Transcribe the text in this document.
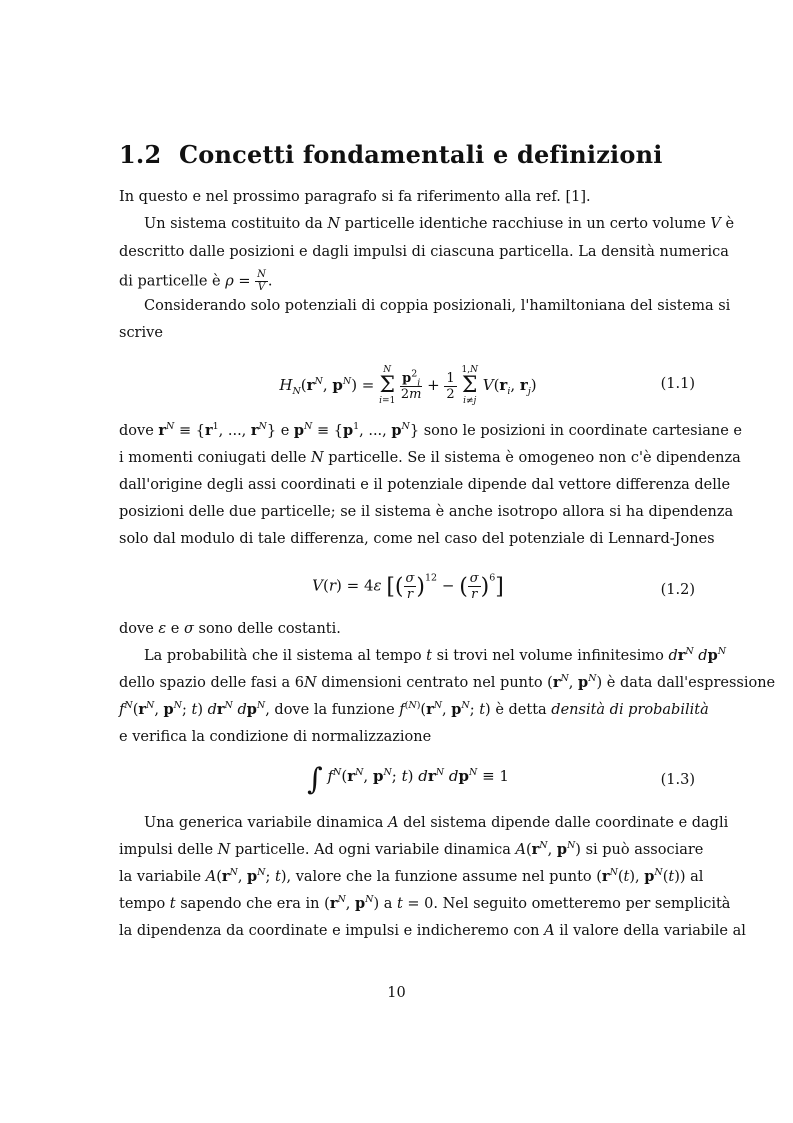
1.2 Concetti fondamentali e definizioni
In questo e nel prossimo paragrafo si fa riferimento alla ref. [1].
Un sistema costituito da N particelle identiche racchiuse in un certo volume V è
descritto dalle posizioni e dagli impulsi di ciascuna particella. La densità numerica
di particelle è $\rho = \frac{N}{V}$ .
Considerando solo potenziali di coppia posizionali, l'hamiltoniana del sistema si
scrive
$H_N(r^N$, $p^N$) =
N
Σ
i=1

$\frac{p^2_i}{2m} + \frac{1}{2}$

1,N
Σ
i≠j
$V(r_i$, $r_j$)	(1.1)
dove $r^N \equiv \{r^1$, ..., $r^N$} e $p^N \equiv \{p^1$, ..., $p^N$} sono le posizioni in coordinate cartesiane e
i momenti coniugati delle N particelle. Se il sistema è omogeneo non c'è dipendenza
dall'origine degli assi coordinati e il potenziale dipende dal vettore differenza delle
posizioni delle due particelle; se il sistema è anche isotropo allora si ha dipendenza
solo dal modulo di tale differenza, come nel caso del potenziale di Lennard-Jones
V(r) = 4ε [( $\frac{\sigma}{r} )^{12}$ − ( $\frac{\sigma}{r} )^6$]	(1.2)
dove ε e σ sono delle costanti.
La probabilità che il sistema al tempo t si trovi nel volume infinitesimo $dr^N$ $dp^N$
dello spazio delle fasi a 6N dimensioni centrato nel punto ($r^N$, $p^N$) è data dall'espressione
$f^N(r^N$, $p^N$; t) $dr^N$ $dp^N$, dove la funzione $f^{(N)}(r^N$, $p^N$; t) è detta densità di probabilità
e verifica la condizione di normalizzazione
∫ $f^N(r^N$, $p^N$; t) $dr^N$ $dp^N \equiv 1$	(1.3)
Una generica variabile dinamica A del sistema dipende dalle coordinate e dagli
impulsi delle N particelle. Ad ogni variabile dinamica $A(r^N$, $p^N$) si può associare
la variabile $A(r^N$, $p^N$; t), valore che la funzione assume nel punto ($r^N(t)$, $p^N(t)$) al
tempo t sapendo che era in ($r^N$, $p^N$) a t = 0. Nel seguito ometteremo per semplicità
la dipendenza da coordinate e impulsi e indicheremo con A il valore della variabile al
10
